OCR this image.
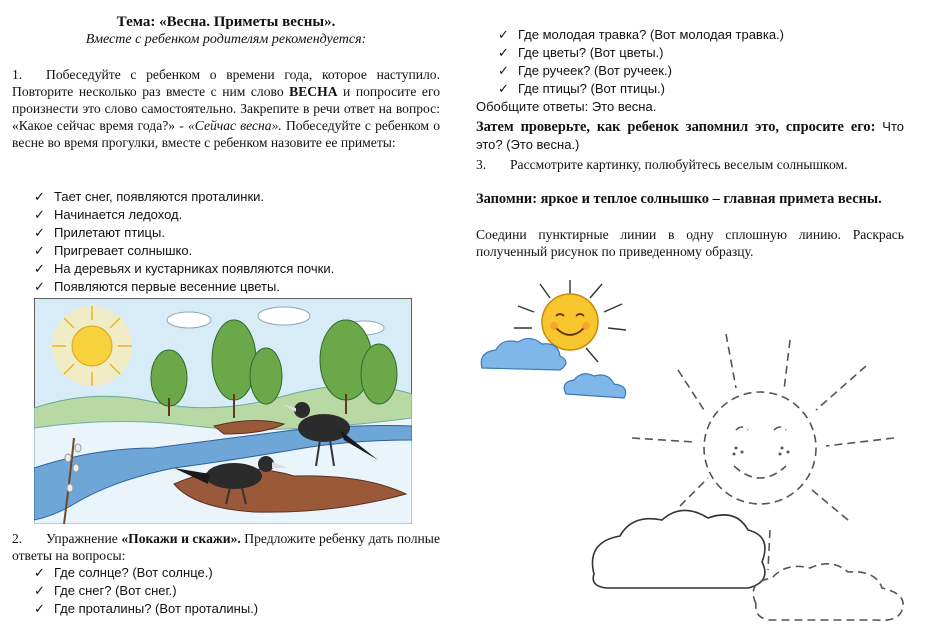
Тема: «Весна. Приметы весны».
Вместе с ребенком родителям рекомендуется:
1. Побеседуйте с ребенком о времени года, которое наступило. Повторите несколько раз вместе с ним слово ВЕСНА и попросите его произнести это слово самостоятельно. Закрепите в речи ответ на вопрос: «Какое сейчас время года?» - «Сейчас весна». Побеседуйте с ребенком о весне во время прогулки, вместе с ребенком назовите ее приметы:
✓ Тает снег, появляются проталинки.
✓ Начинается ледоход.
✓ Прилетают птицы.
✓ Пригревает солнышко.
✓ На деревьях и кустарниках появляются почки.
✓ Появляются первые весенние цветы.
2. Упражнение «Покажи и скажи». Предложите ребенку дать полные ответы на вопросы:
✓ Где солнце? (Вот солнце.)
✓ Где снег? (Вот снег.)
✓ Где проталины? (Вот проталины.)
✓ Где молодая травка? (Вот молодая травка.)
✓ Где цветы? (Вот цветы.)
✓ Где ручеек? (Вот ручеек.)
✓ Где птицы? (Вот птицы.)
Обобщите ответы: Это весна.
Затем проверьте, как ребенок запомнил это, спросите его: Что это? (Это весна.)
3. Рассмотрите картинку, полюбуйтесь веселым солнышком.
Запомни: яркое и теплое солнышко – главная примета весны.
Соедини пунктирные линии в одну сплошную линию. Раскрась полученный рисунок по приведенному образцу.
